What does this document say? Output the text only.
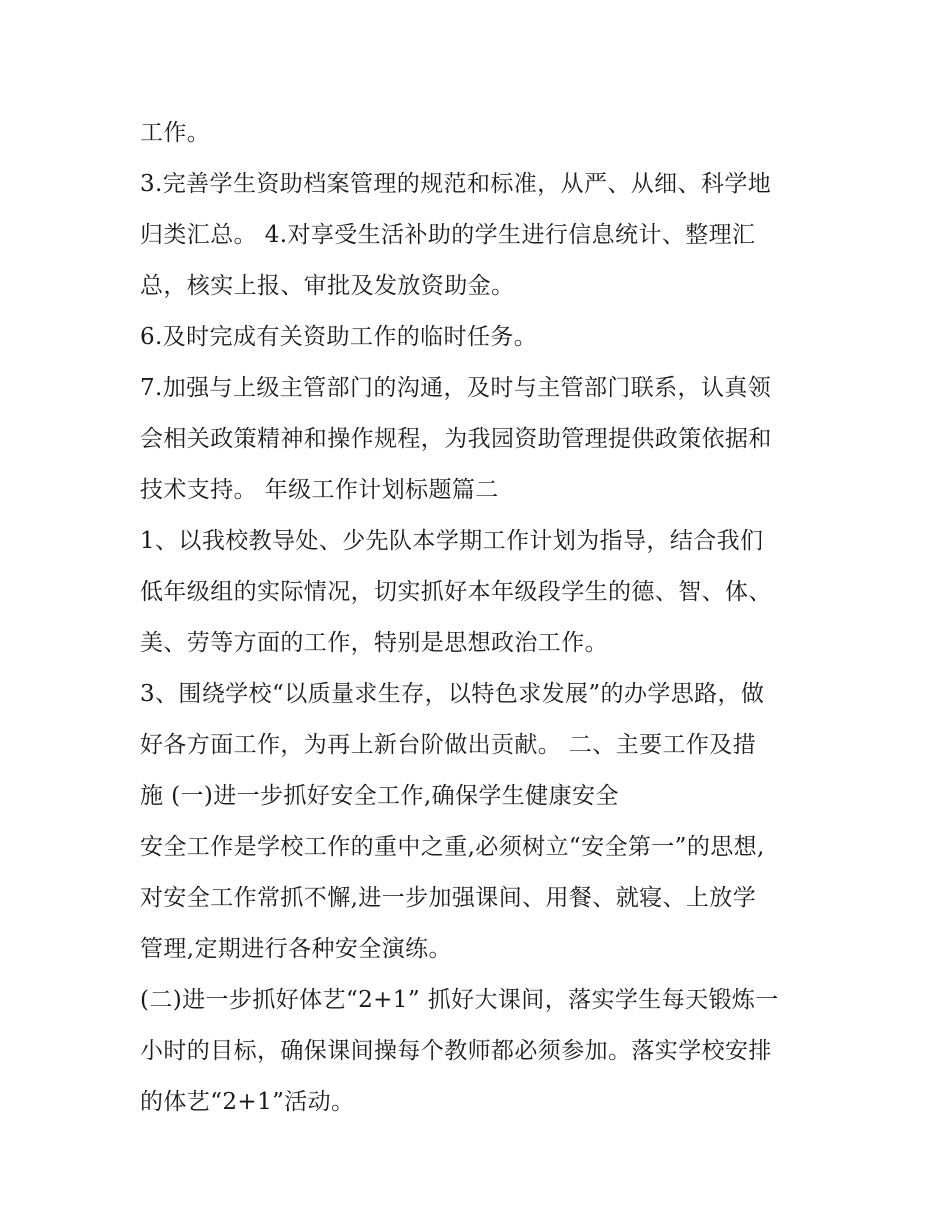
工作。
3.完善学生资助档案管理的规范和标准，从严、从细、科学地
归类汇总。 4.对享受生活补助的学生进行信息统计、整理汇
总，核实上报、审批及发放资助金。
6.及时完成有关资助工作的临时任务。
7.加强与上级主管部门的沟通，及时与主管部门联系，认真领
会相关政策精神和操作规程，为我园资助管理提供政策依据和
技术支持。 年级工作计划标题篇二
1、以我校教导处、少先队本学期工作计划为指导，结合我们
低年级组的实际情况，切实抓好本年级段学生的德、智、体、
美、劳等方面的工作，特别是思想政治工作。
3、围绕学校“以质量求生存，以特色求发展”的办学思路，做
好各方面工作，为再上新台阶做出贡献。 二、主要工作及措
施 (一)进一步抓好安全工作,确保学生健康安全
安全工作是学校工作的重中之重,必须树立“安全第一”的思想,
对安全工作常抓不懈,进一步加强课间、用餐、就寝、上放学
管理,定期进行各种安全演练。
(二)进一步抓好体艺“2+1” 抓好大课间，落实学生每天锻炼一
小时的目标，确保课间操每个教师都必须参加。落实学校安排
的体艺“2+1”活动。
